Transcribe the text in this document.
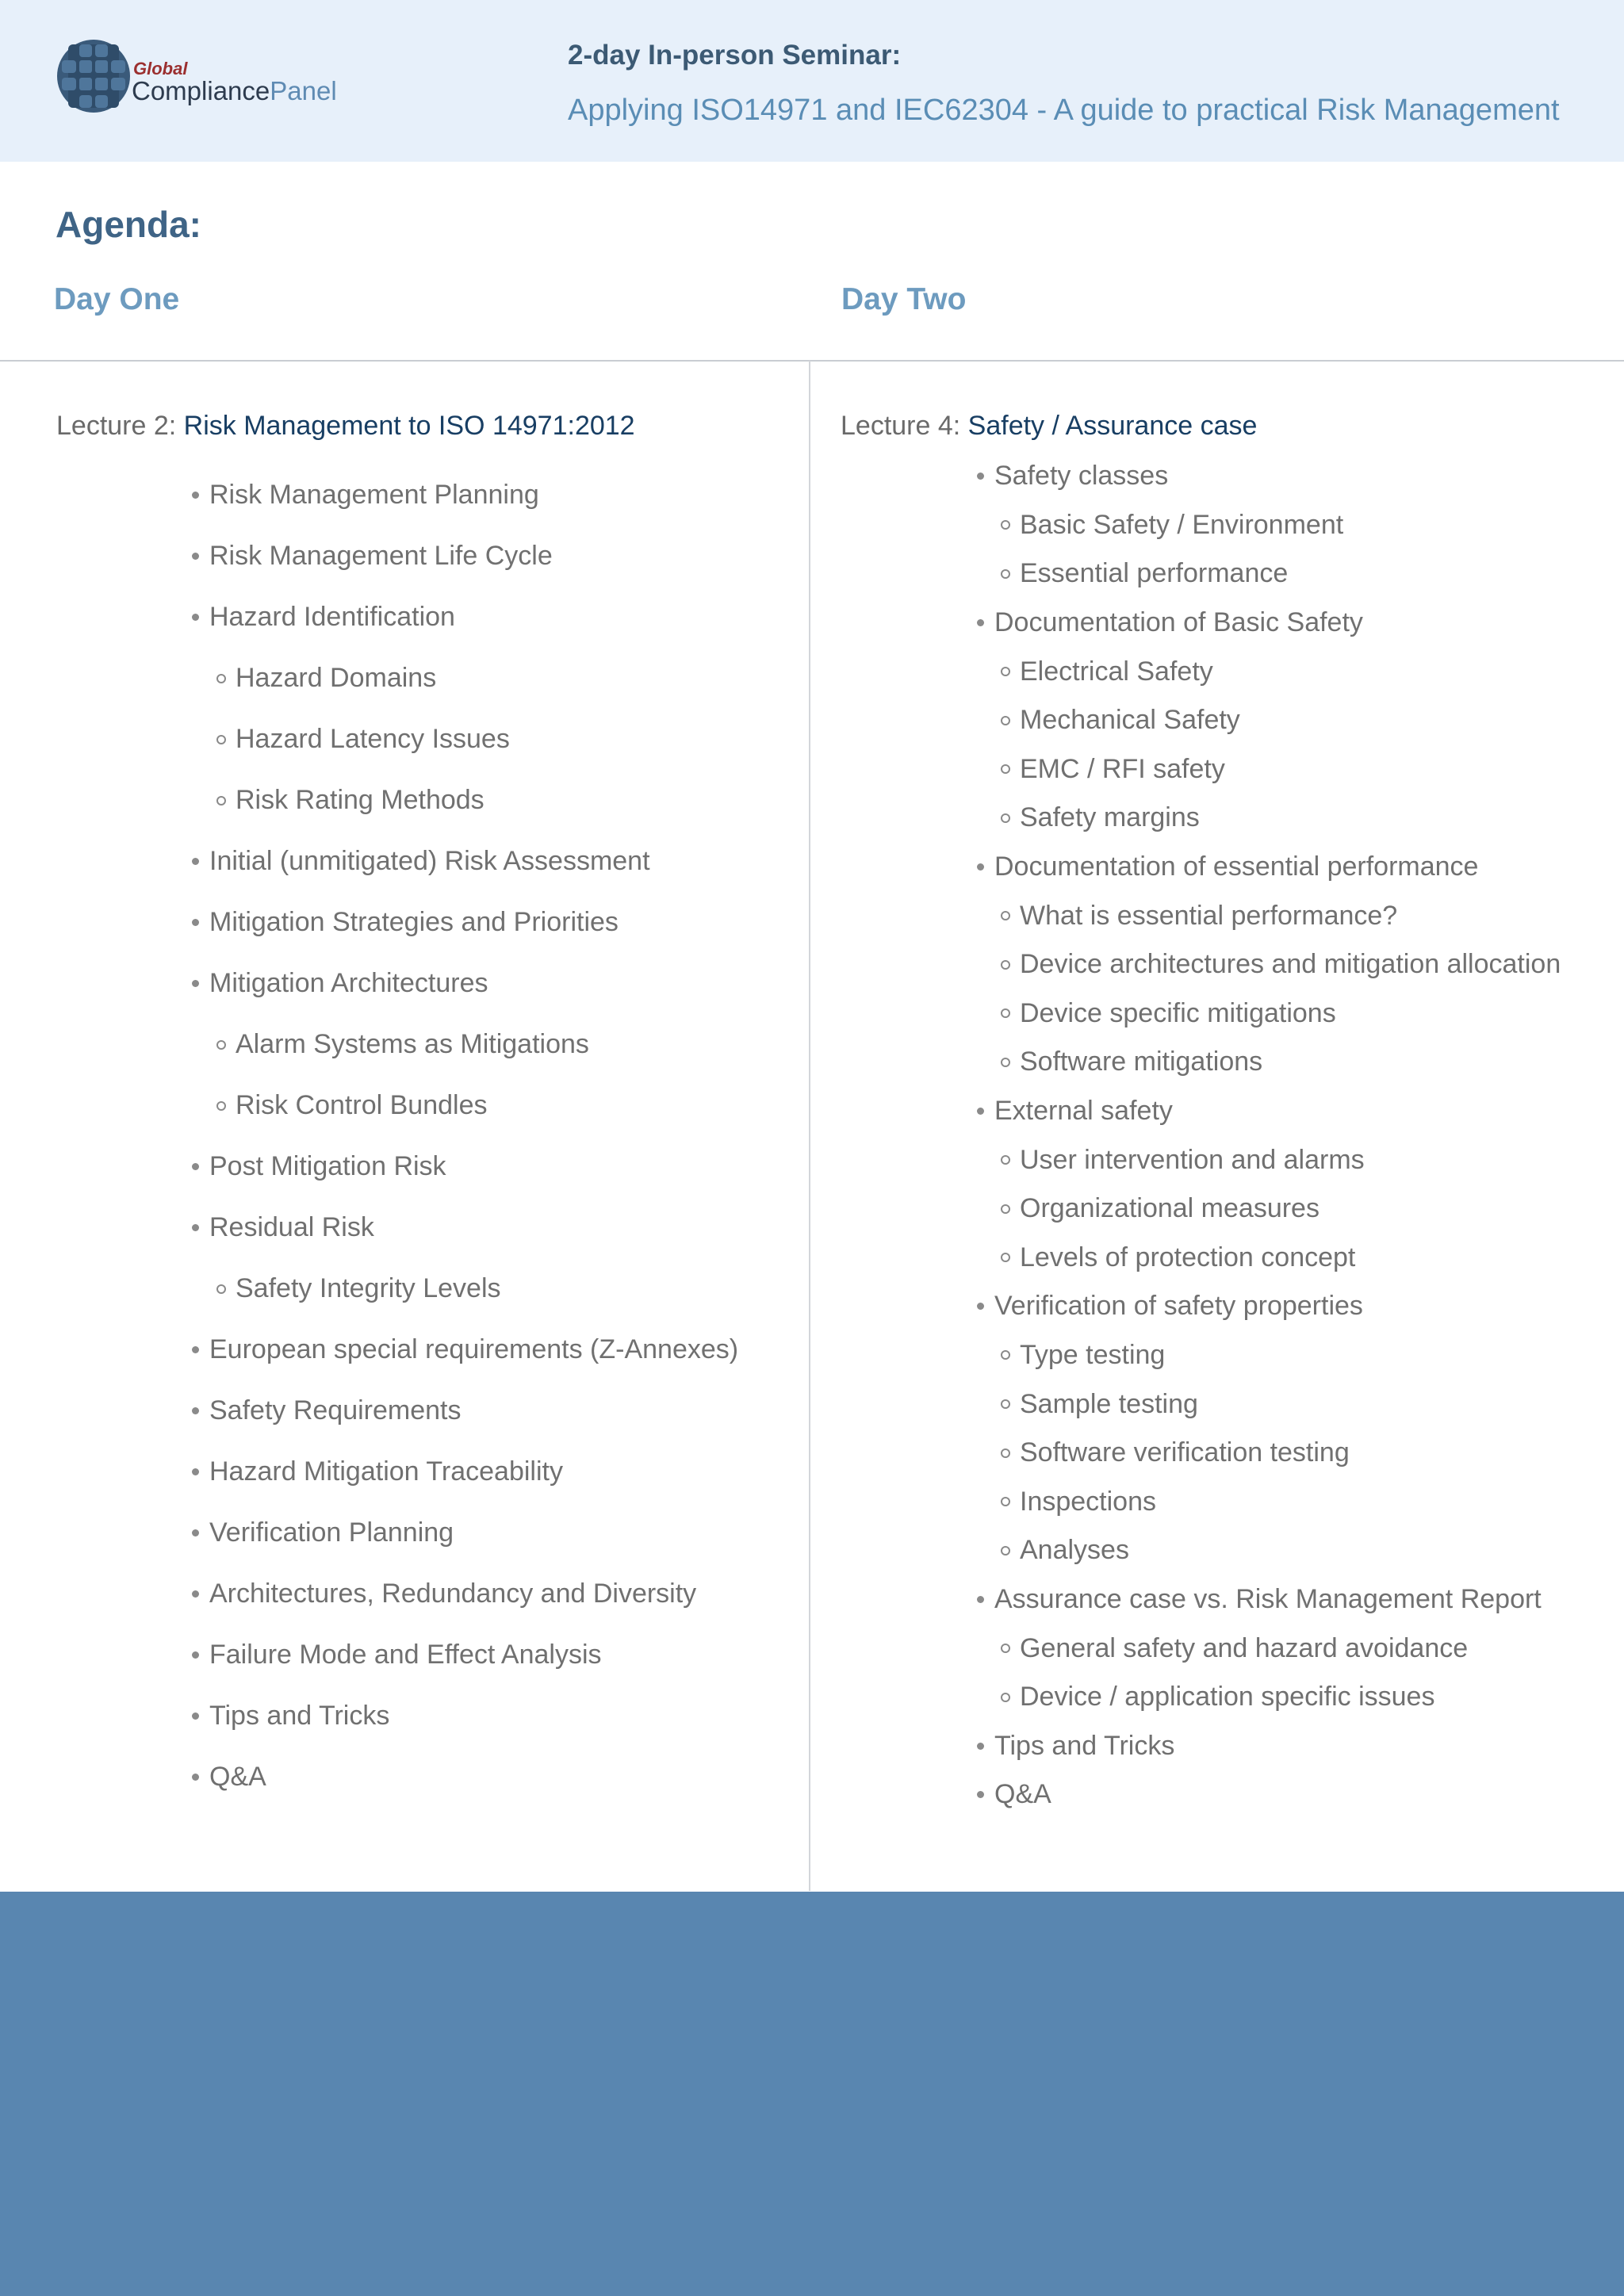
Global
CompliancePanel
2-day In-person Seminar:
Applying ISO14971 and IEC62304 - A guide to practical Risk Management
Agenda:
Day One	Day Two
Lecture 2: Risk Management to ISO 14971:2012
Risk Management Planning
Risk Management Life Cycle
Hazard Identification
Hazard Domains
Hazard Latency Issues
Risk Rating Methods
Initial (unmitigated) Risk Assessment
Mitigation Strategies and Priorities
Mitigation Architectures
Alarm Systems as Mitigations
Risk Control Bundles
Post Mitigation Risk
Residual Risk
Safety Integrity Levels
European special requirements (Z-Annexes)
Safety Requirements
Hazard Mitigation Traceability
Verification Planning
Architectures, Redundancy and Diversity
Failure Mode and Effect Analysis
Tips and Tricks
Q&A
Lecture 4: Safety / Assurance case
Safety classes
Basic Safety / Environment
Essential performance
Documentation of Basic Safety
Electrical Safety
Mechanical Safety
EMC / RFI safety
Safety margins
Documentation of essential performance
What is essential performance?
Device architectures and mitigation allocation
Device specific mitigations
Software mitigations
External safety
User intervention and alarms
Organizational measures
Levels of protection concept
Verification of safety properties
Type testing
Sample testing
Software verification testing
Inspections
Analyses
Assurance case vs. Risk Management Report
General safety and hazard avoidance
Device / application specific issues
Tips and Tricks
Q&A
